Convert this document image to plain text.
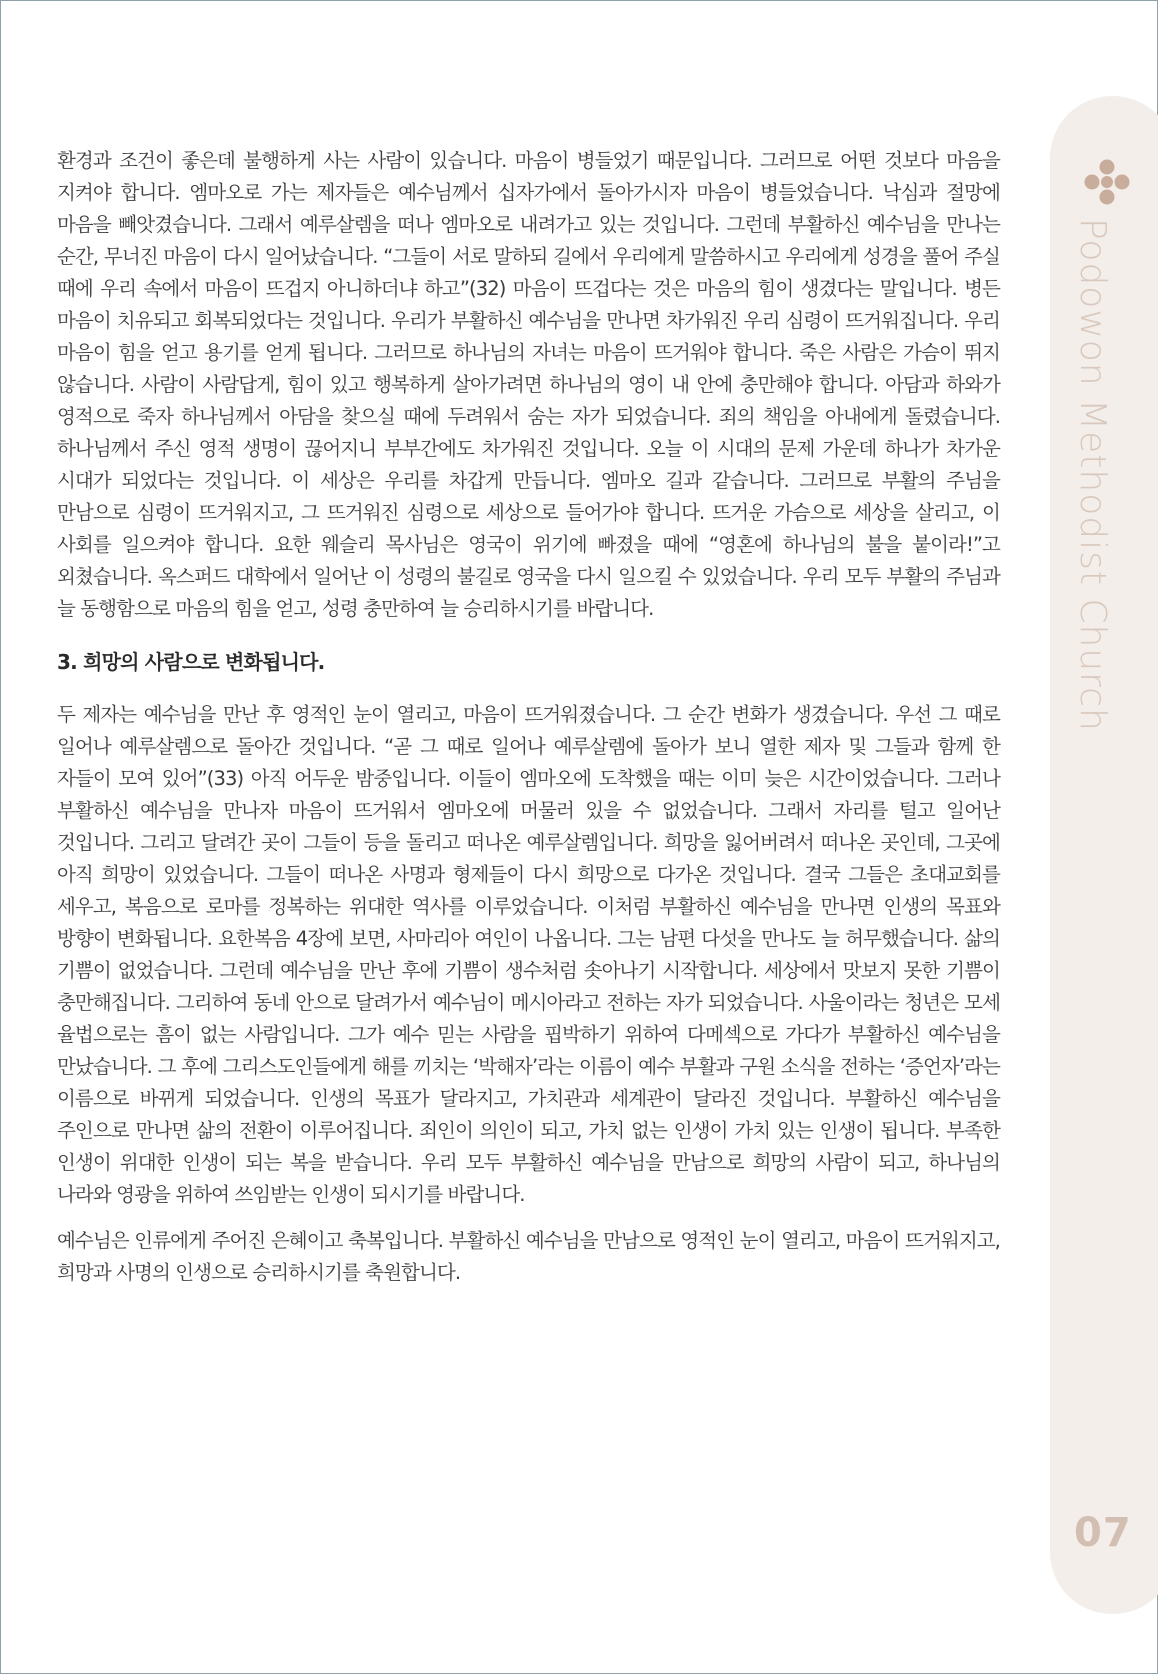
Podowon Methodist Church
07

환경과 조건이 좋은데 불행하게 사는 사람이 있습니다. 마음이 병들었기 때문입니다. 그러므로 어떤 것보다 마음을 지켜야 합니다. 엠마오로 가는 제자들은 예수님께서 십자가에서 돌아가시자 마음이 병들었습니다. 낙심과 절망에 마음을 빼앗겼습니다. 그래서 예루살렘을 떠나 엠마오로 내려가고 있는 것입니다. 그런데 부활하신 예수님을 만나는 순간, 무너진 마음이 다시 일어났습니다. “그들이 서로 말하되 길에서 우리에게 말씀하시고 우리에게 성경을 풀어 주실 때에 우리 속에서 마음이 뜨겁지 아니하더냐 하고”(32) 마음이 뜨겁다는 것은 마음의 힘이 생겼다는 말입니다. 병든 마음이 치유되고 회복되었다는 것입니다. 우리가 부활하신 예수님을 만나면 차가워진 우리 심령이 뜨거워집니다. 우리 마음이 힘을 얻고 용기를 얻게 됩니다. 그러므로 하나님의 자녀는 마음이 뜨거워야 합니다. 죽은 사람은 가슴이 뛰지 않습니다. 사람이 사람답게, 힘이 있고 행복하게 살아가려면 하나님의 영이 내 안에 충만해야 합니다. 아담과 하와가 영적으로 죽자 하나님께서 아담을 찾으실 때에 두려워서 숨는 자가 되었습니다. 죄의 책임을 아내에게 돌렸습니다. 하나님께서 주신 영적 생명이 끊어지니 부부간에도 차가워진 것입니다. 오늘 이 시대의 문제 가운데 하나가 차가운 시대가 되었다는 것입니다. 이 세상은 우리를 차갑게 만듭니다. 엠마오 길과 같습니다. 그러므로 부활의 주님을 만남으로 심령이 뜨거워지고, 그 뜨거워진 심령으로 세상으로 들어가야 합니다. 뜨거운 가슴으로 세상을 살리고, 이 사회를 일으켜야 합니다. 요한 웨슬리 목사님은 영국이 위기에 빠졌을 때에 “영혼에 하나님의 불을 붙이라!”고 외쳤습니다. 옥스퍼드 대학에서 일어난 이 성령의 불길로 영국을 다시 일으킬 수 있었습니다. 우리 모두 부활의 주님과 늘 동행함으로 마음의 힘을 얻고, 성령 충만하여 늘 승리하시기를 바랍니다.

3. 희망의 사람으로 변화됩니다.

두 제자는 예수님을 만난 후 영적인 눈이 열리고, 마음이 뜨거워졌습니다. 그 순간 변화가 생겼습니다. 우선 그 때로 일어나 예루살렘으로 돌아간 것입니다. “곧 그 때로 일어나 예루살렘에 돌아가 보니 열한 제자 및 그들과 함께 한 자들이 모여 있어”(33) 아직 어두운 밤중입니다. 이들이 엠마오에 도착했을 때는 이미 늦은 시간이었습니다. 그러나 부활하신 예수님을 만나자 마음이 뜨거워서 엠마오에 머물러 있을 수 없었습니다. 그래서 자리를 털고 일어난 것입니다. 그리고 달려간 곳이 그들이 등을 돌리고 떠나온 예루살렘입니다. 희망을 잃어버려서 떠나온 곳인데, 그곳에 아직 희망이 있었습니다. 그들이 떠나온 사명과 형제들이 다시 희망으로 다가온 것입니다. 결국 그들은 초대교회를 세우고, 복음으로 로마를 정복하는 위대한 역사를 이루었습니다. 이처럼 부활하신 예수님을 만나면 인생의 목표와 방향이 변화됩니다. 요한복음 4장에 보면, 사마리아 여인이 나옵니다. 그는 남편 다섯을 만나도 늘 허무했습니다. 삶의 기쁨이 없었습니다. 그런데 예수님을 만난 후에 기쁨이 생수처럼 솟아나기 시작합니다. 세상에서 맛보지 못한 기쁨이 충만해집니다. 그리하여 동네 안으로 달려가서 예수님이 메시아라고 전하는 자가 되었습니다. 사울이라는 청년은 모세 율법으로는 흠이 없는 사람입니다. 그가 예수 믿는 사람을 핍박하기 위하여 다메섹으로 가다가 부활하신 예수님을 만났습니다. 그 후에 그리스도인들에게 해를 끼치는 ‘박해자’라는 이름이 예수 부활과 구원 소식을 전하는 ‘증언자’라는 이름으로 바뀌게 되었습니다. 인생의 목표가 달라지고, 가치관과 세계관이 달라진 것입니다. 부활하신 예수님을 주인으로 만나면 삶의 전환이 이루어집니다. 죄인이 의인이 되고, 가치 없는 인생이 가치 있는 인생이 됩니다. 부족한 인생이 위대한 인생이 되는 복을 받습니다. 우리 모두 부활하신 예수님을 만남으로 희망의 사람이 되고, 하나님의 나라와 영광을 위하여 쓰임받는 인생이 되시기를 바랍니다.

예수님은 인류에게 주어진 은혜이고 축복입니다. 부활하신 예수님을 만남으로 영적인 눈이 열리고, 마음이 뜨거워지고, 희망과 사명의 인생으로 승리하시기를 축원합니다.
